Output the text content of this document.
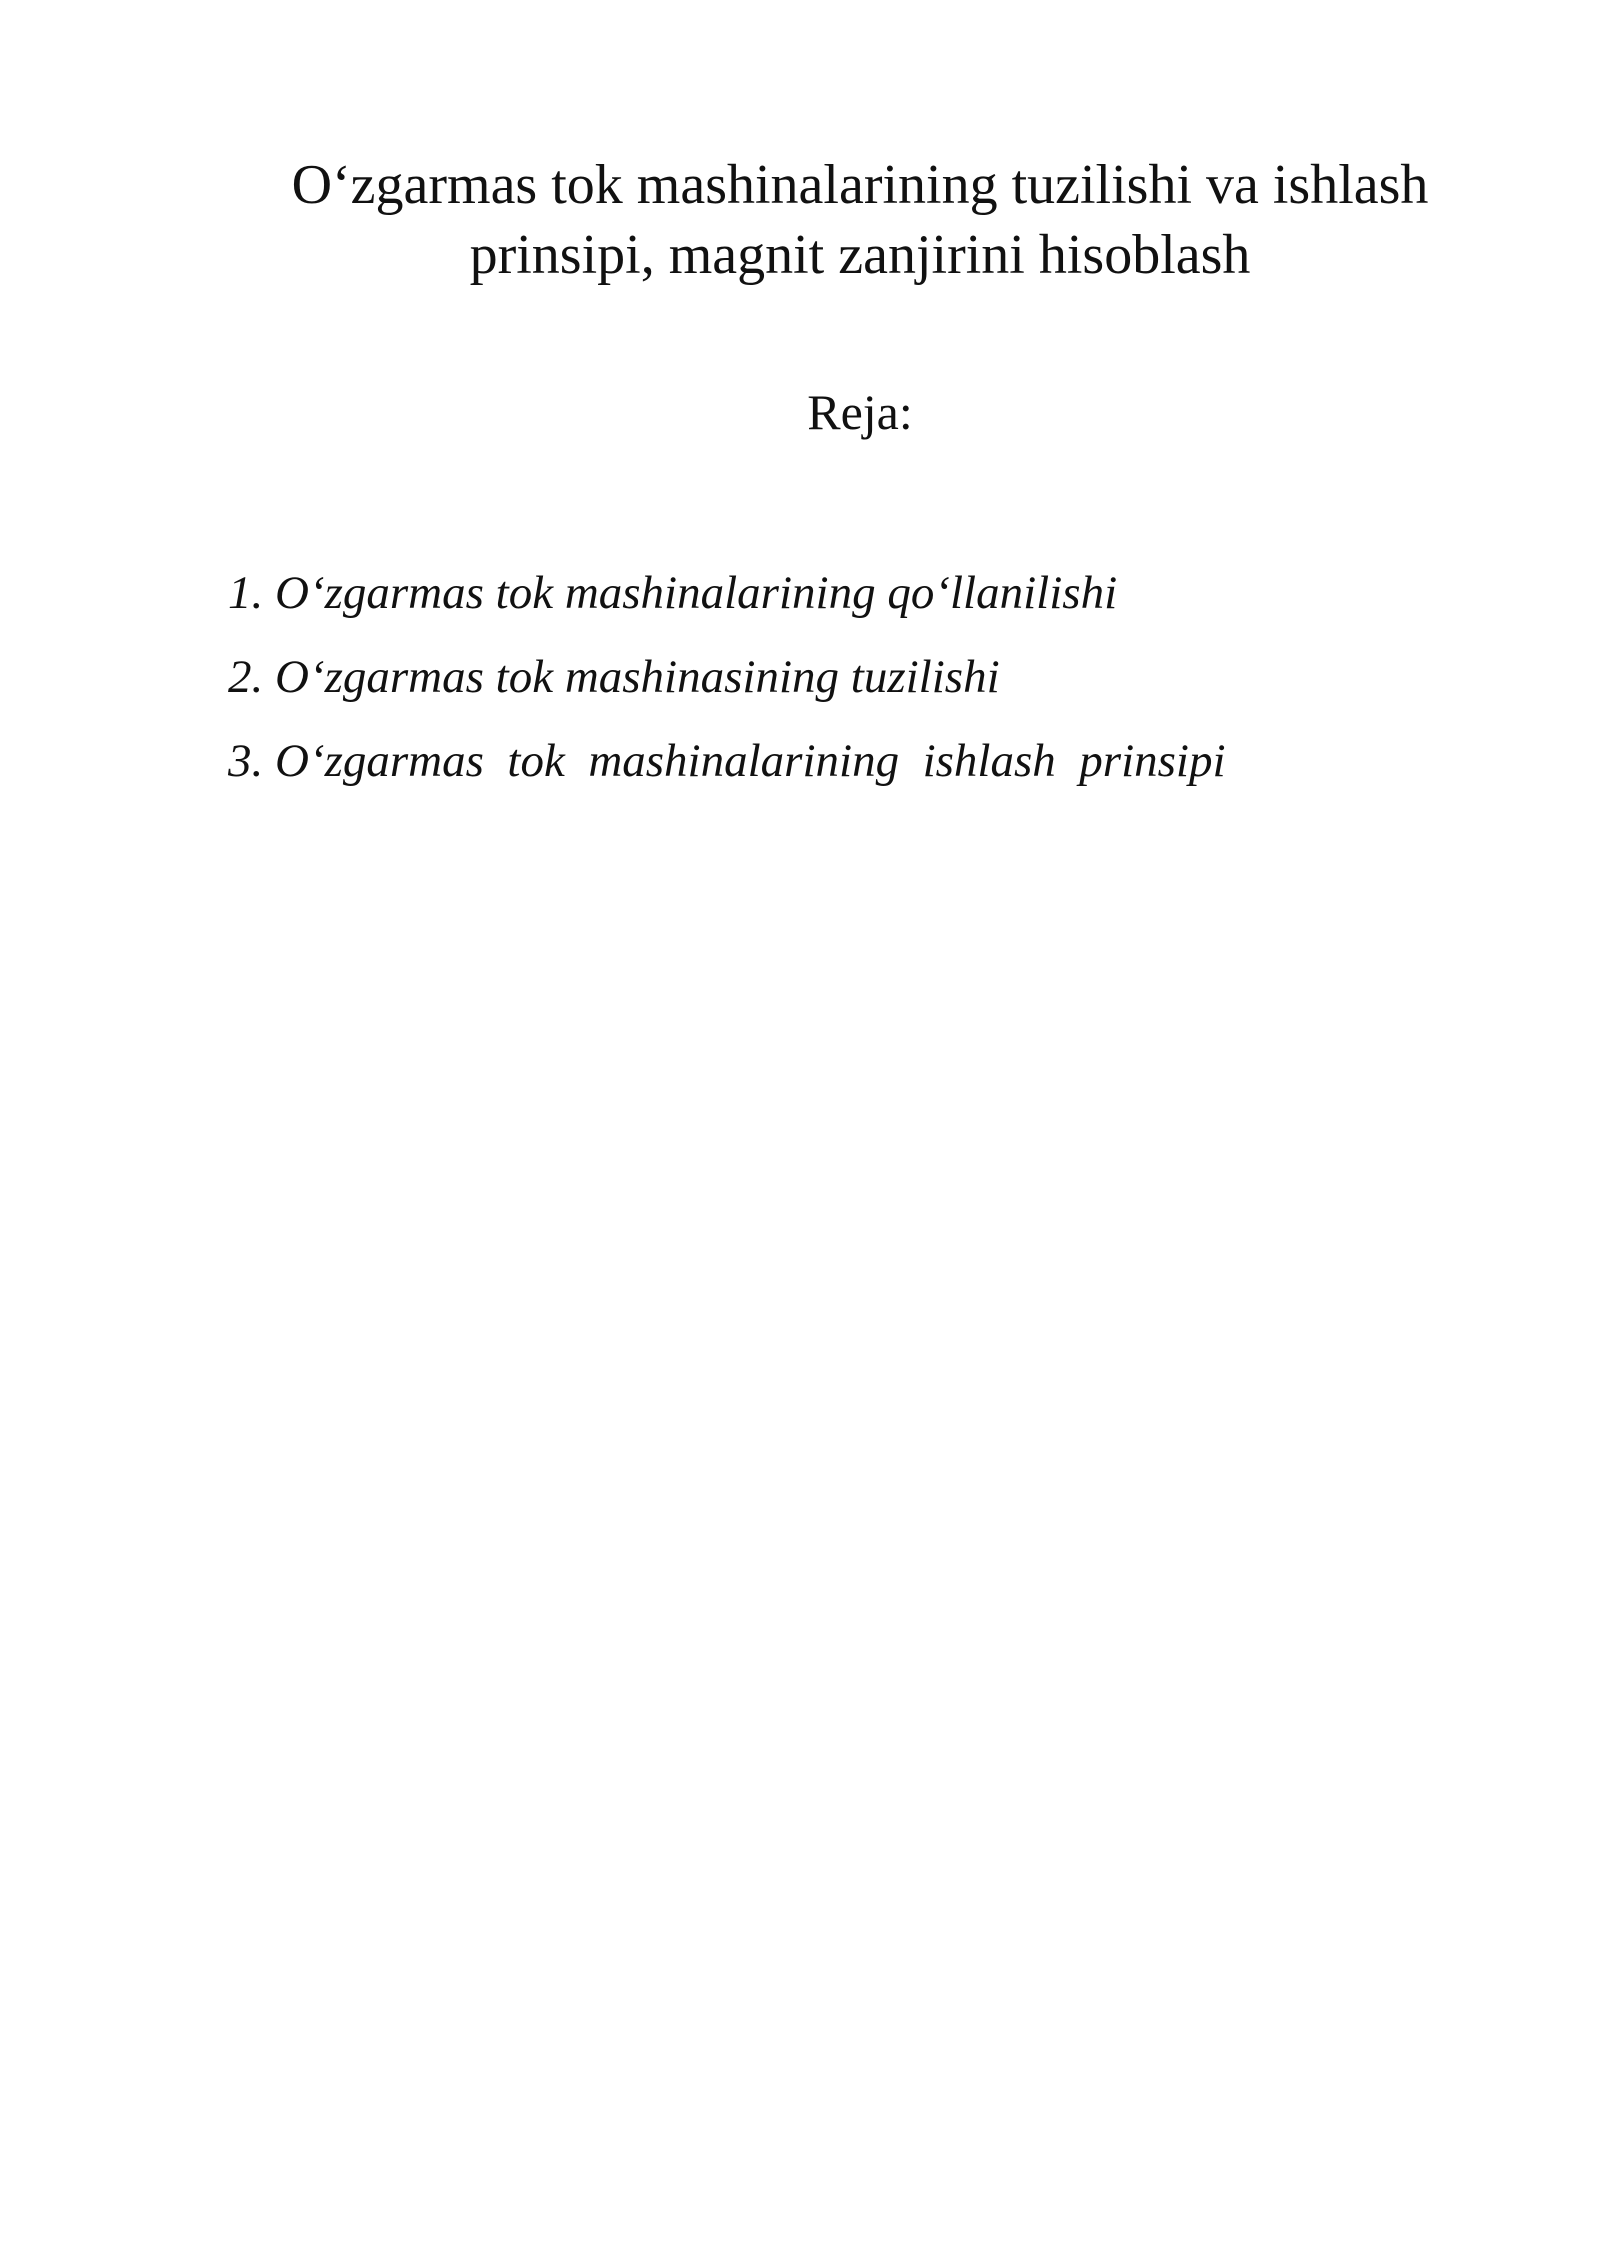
O‘zgarmas tok mashinalarining tuzilishi va ishlash
prinsipi, magnit zanjirini hisoblash
Reja:
1. O‘zgarmas tok mashinalarining qo‘llanilishi
2. O‘zgarmas tok mashinasining tuzilishi
3. O‘zgarmas  tok  mashinalarining  ishlash  prinsipi
